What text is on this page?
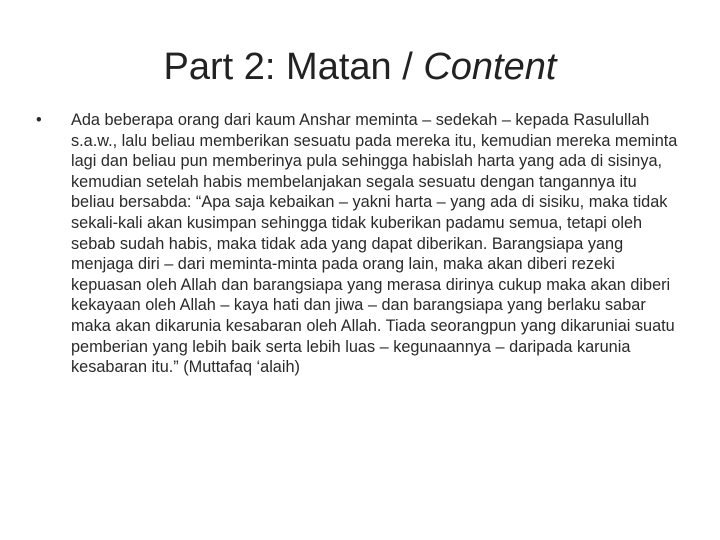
Part 2: Matan / Content
•	Ada beberapa orang dari kaum Anshar meminta – sedekah – kepada Rasulullah s.a.w., lalu beliau memberikan sesuatu pada mereka itu, kemudian mereka meminta lagi dan beliau pun memberinya pula sehingga habislah harta yang ada di sisinya, kemudian setelah habis membelanjakan segala sesuatu dengan tangannya itu beliau bersabda: “Apa saja kebaikan – yakni harta – yang ada di sisiku, maka tidak sekali-kali akan kusimpan sehingga tidak kuberikan padamu semua, tetapi oleh sebab sudah habis, maka tidak ada yang dapat diberikan. Barangsiapa yang menjaga diri – dari meminta-minta pada orang lain, maka akan diberi rezeki kepuasan oleh Allah dan barangsiapa yang merasa dirinya cukup maka akan diberi kekayaan oleh Allah – kaya hati dan jiwa – dan barangsiapa yang berlaku sabar maka akan dikarunia kesabaran oleh Allah. Tiada seorangpun yang dikaruniai suatu pemberian yang lebih baik serta lebih luas – kegunaannya – daripada karunia kesabaran itu.” (Muttafaq ‘alaih)
